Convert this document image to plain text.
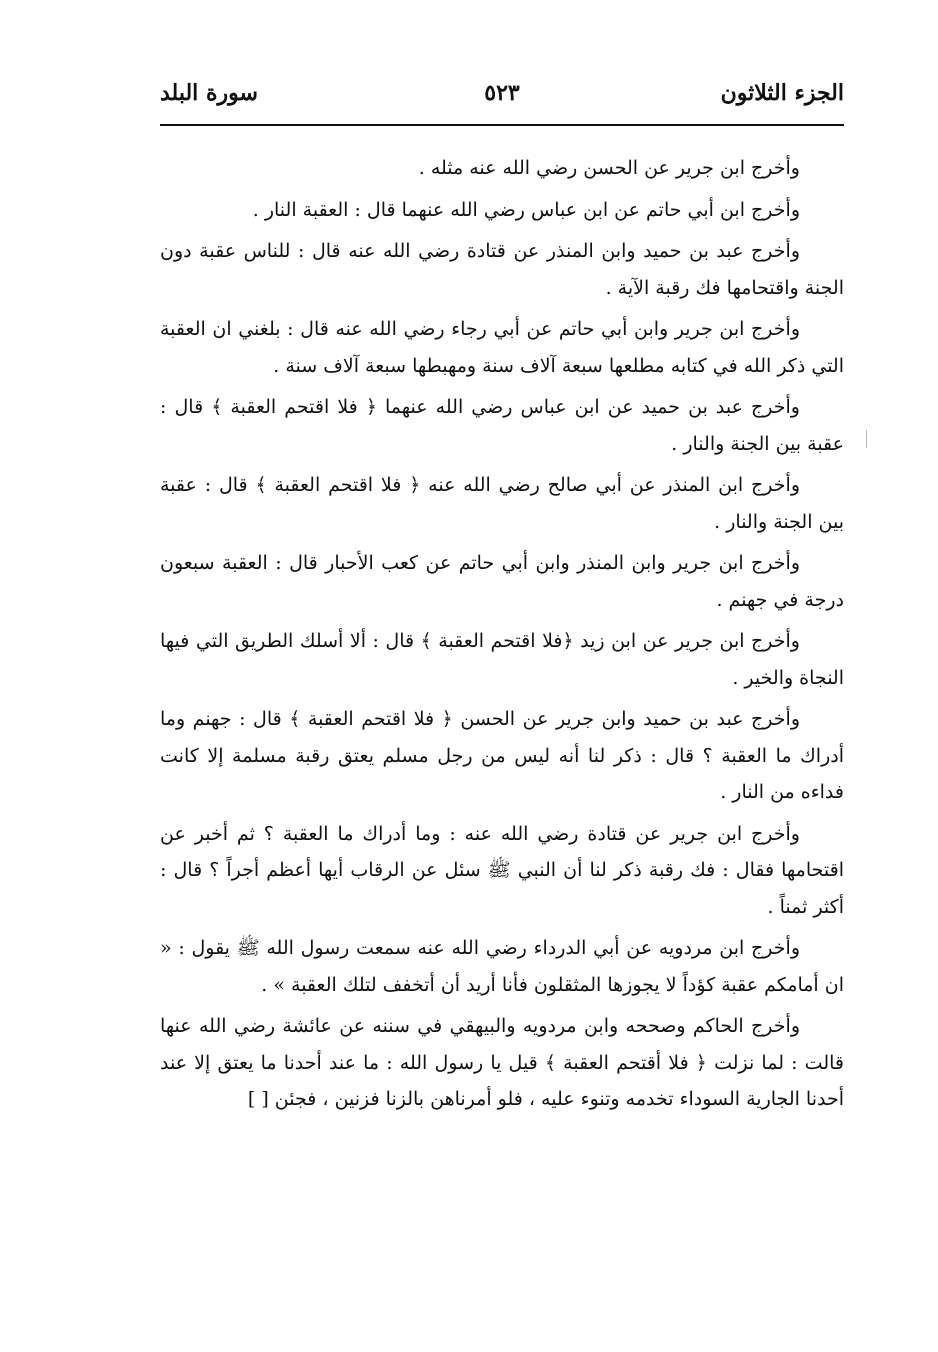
الجزء الثلاثون
٥٢٣
سورة البلد

وأخرج ابن جرير عن الحسن رضي الله عنه مثله .

وأخرج ابن أبي حاتم عن ابن عباس رضي الله عنهما قال : العقبة النار .

وأخرج عبد بن حميد وابن المنذر عن قتادة رضي الله عنه قال : للناس عقبة دون الجنة واقتحامها فك رقبة الآية .

وأخرج ابن جرير وابن أبي حاتم عن أبي رجاء رضي الله عنه قال : بلغني ان العقبة التي ذكر الله في كتابه مطلعها سبعة آلاف سنة ومهبطها سبعة آلاف سنة .

وأخرج عبد بن حميد عن ابن عباس رضي الله عنهما ﴿ فلا اقتحم العقبة ﴾ قال : عقبة بين الجنة والنار .

وأخرج ابن المنذر عن أبي صالح رضي الله عنه ﴿ فلا اقتحم العقبة ﴾ قال : عقبة بين الجنة والنار .

وأخرج ابن جرير وابن المنذر وابن أبي حاتم عن كعب الأحبار قال : العقبة سبعون درجة في جهنم .

وأخرج ابن جرير عن ابن زيد ﴿فلا اقتحم العقبة ﴾ قال : ألا أسلك الطريق التي فيها النجاة والخير .

وأخرج عبد بن حميد وابن جرير عن الحسن ﴿ فلا اقتحم العقبة ﴾ قال : جهنم وما أدراك ما العقبة ؟ قال : ذكر لنا أنه ليس من رجل مسلم يعتق رقبة مسلمة إلا كانت فداءه من النار .

وأخرج ابن جرير عن قتادة رضي الله عنه : وما أدراك ما العقبة ؟ ثم أخبر عن اقتحامها فقال : فك رقبة ذكر لنا أن النبي ﷺ سئل عن الرقاب أيها أعظم أجراً ؟ قال : أكثر ثمناً .

وأخرج ابن مردويه عن أبي الدرداء رضي الله عنه سمعت رسول الله ﷺ يقول : « ان أمامكم عقبة كؤداً لا يجوزها المثقلون فأنا أريد أن أتخفف لتلك العقبة » .

وأخرج الحاكم وصححه وابن مردويه والبيهقي في سننه عن عائشة رضي الله عنها قالت : لما نزلت ﴿ فلا أقتحم العقبة ﴾ قيل يا رسول الله : ما عند أحدنا ما يعتق إلا عند أحدنا الجارية السوداء تخدمه وتنوء عليه ، فلو أمرناهن بالزنا فزنين ، فجئن [ ]
